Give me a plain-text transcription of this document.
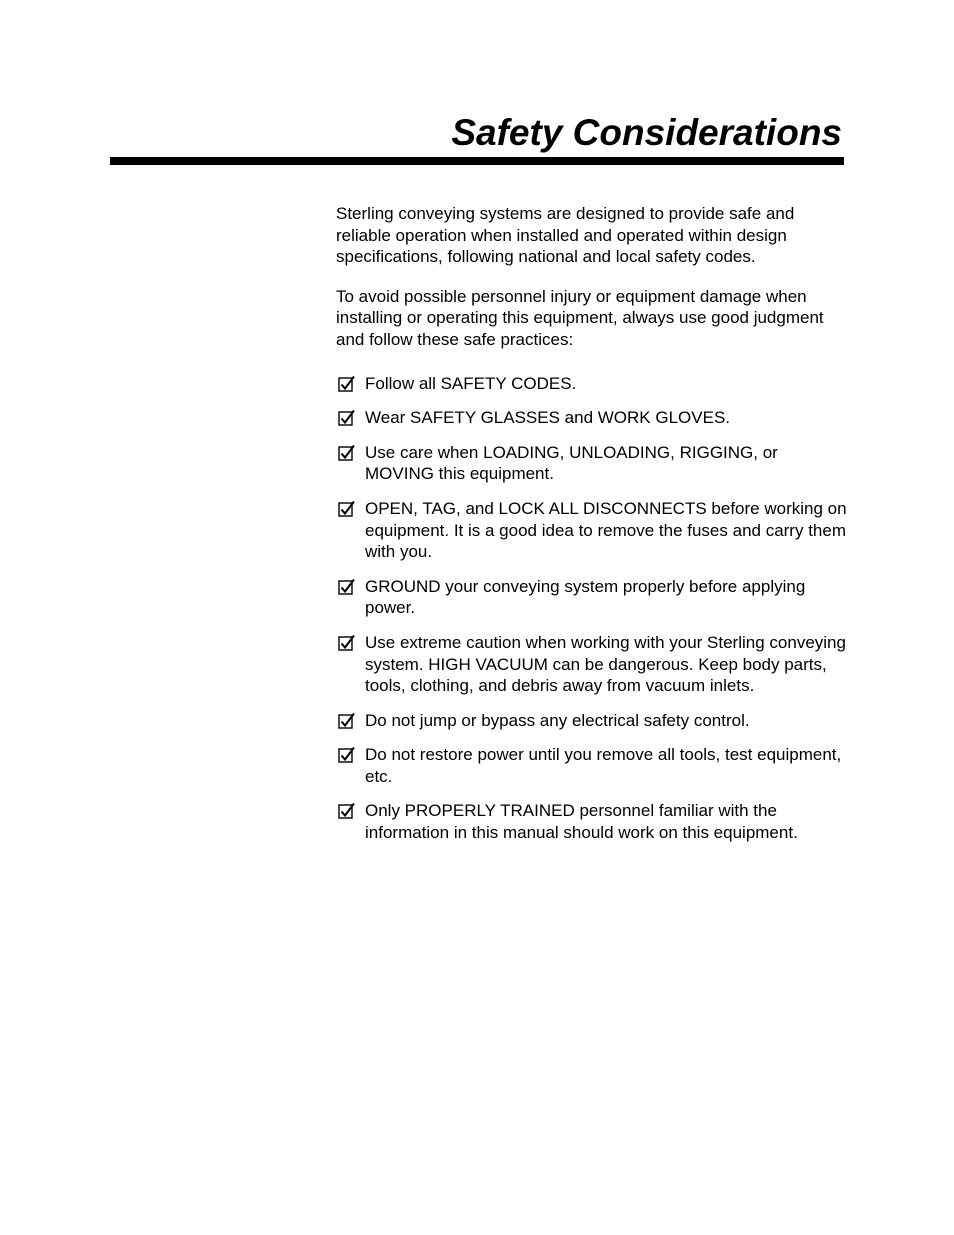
Safety Considerations

Sterling conveying systems are designed to provide safe and reliable operation when installed and operated within design specifications, following national and local safety codes.

To avoid possible personnel injury or equipment damage when installing or operating this equipment, always use good judgment and follow these safe practices:

Follow all SAFETY CODES.
Wear SAFETY GLASSES and WORK GLOVES.
Use care when LOADING, UNLOADING, RIGGING, or MOVING this equipment.
OPEN, TAG, and LOCK ALL DISCONNECTS before working on equipment. It is a good idea to remove the fuses and carry them with you.
GROUND your conveying system properly before applying power.
Use extreme caution when working with your Sterling conveying system. HIGH VACUUM can be dangerous. Keep body parts, tools, clothing, and debris away from vacuum inlets.
Do not jump or bypass any electrical safety control.
Do not restore power until you remove all tools, test equipment, etc.
Only PROPERLY TRAINED personnel familiar with the information in this manual should work on this equipment.
